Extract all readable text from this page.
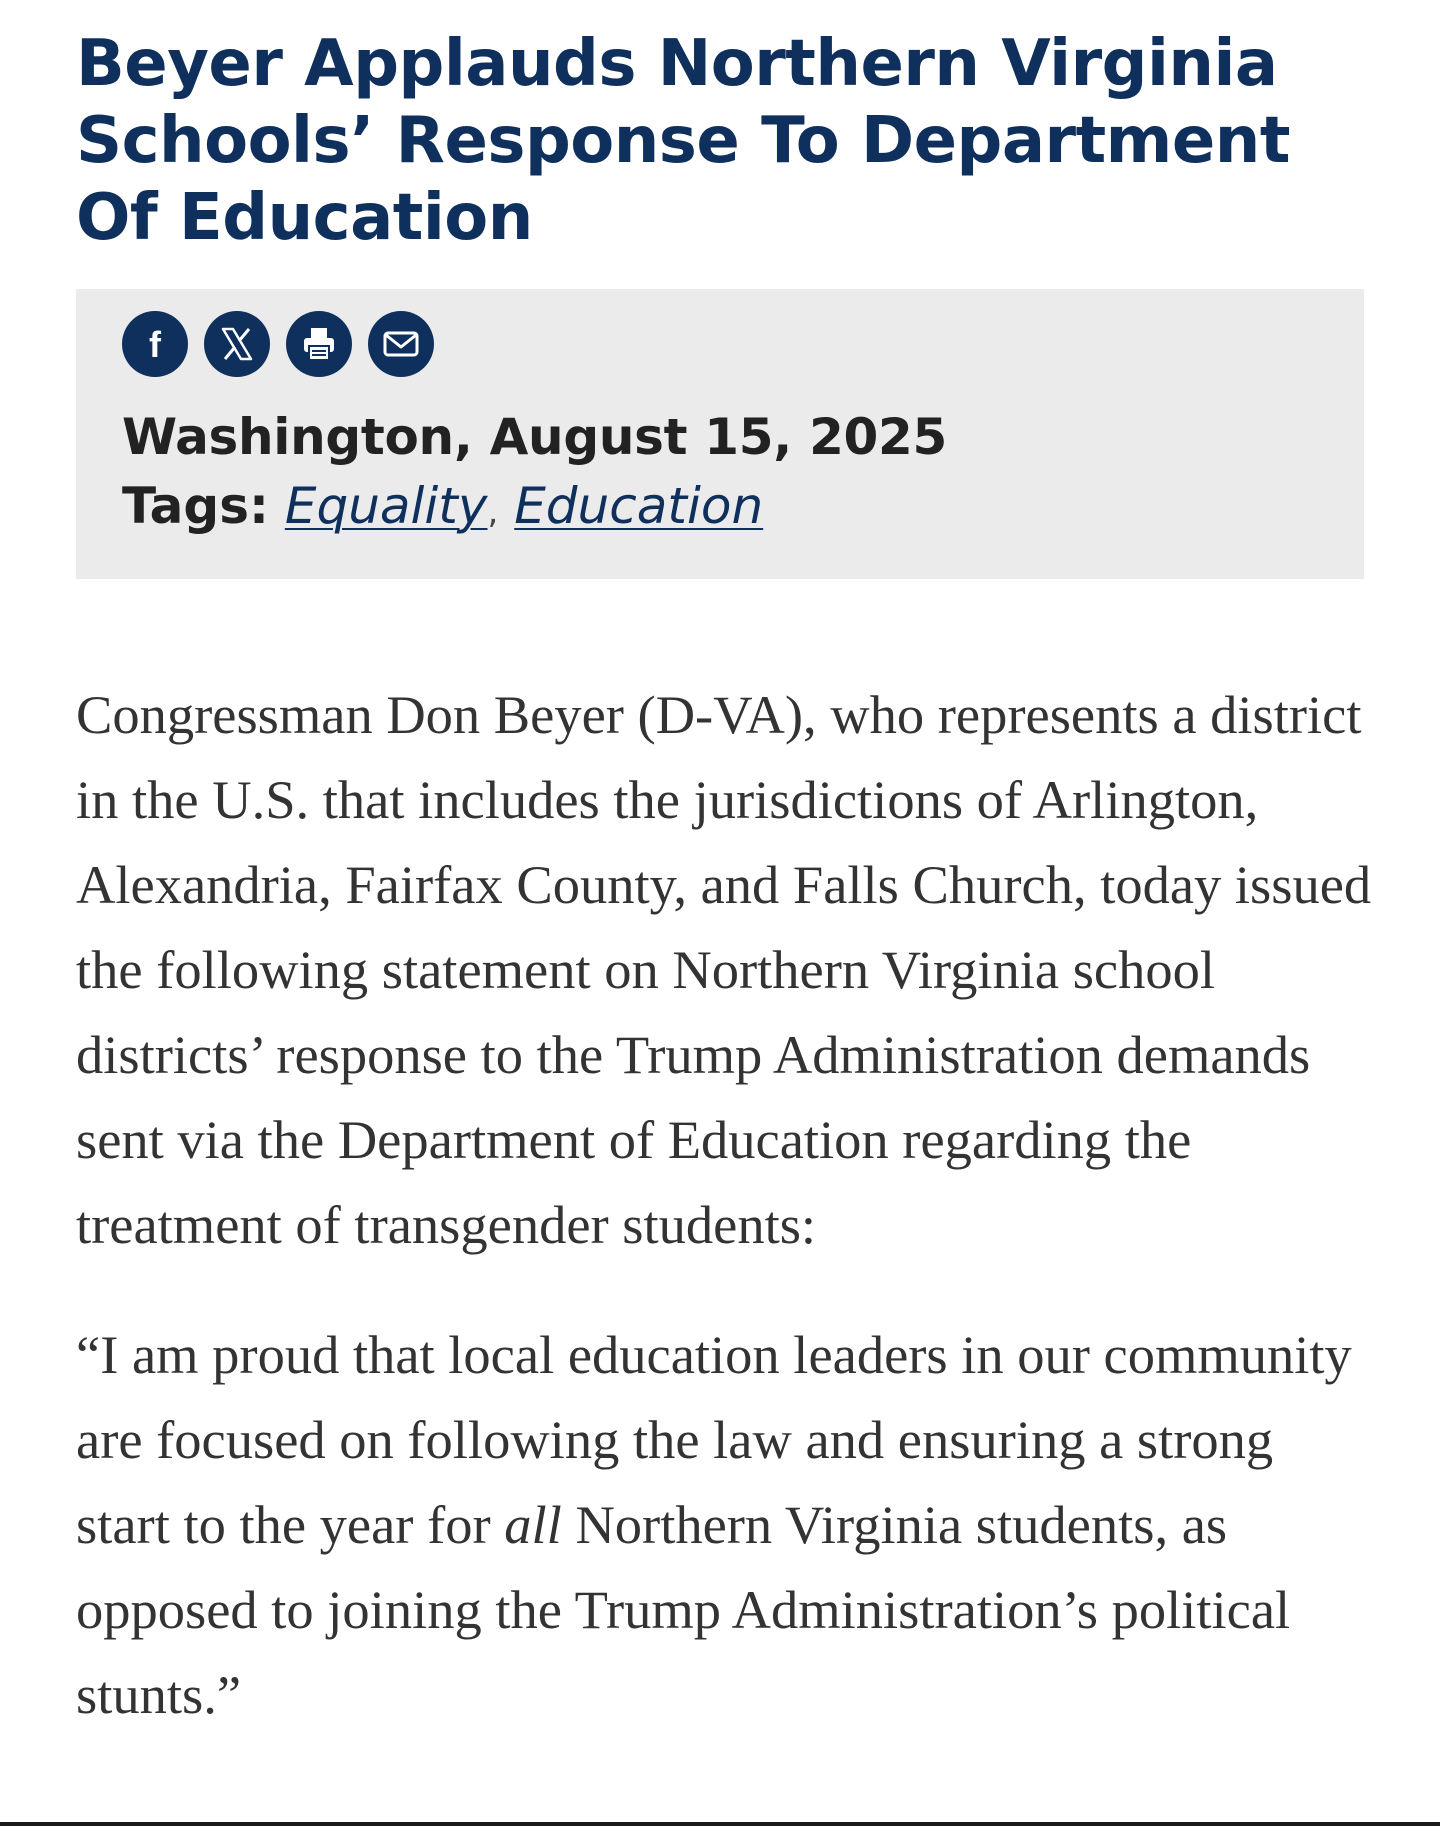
Beyer Applauds Northern Virginia Schools’ Response To Department Of Education
f

Washington, August 15, 2025

Tags: Equality, Education

Congressman Don Beyer (D-VA), who represents a district in the U.S. that includes the jurisdictions of Arlington, Alexandria, Fairfax County, and Falls Church, today issued the following statement on Northern Virginia school districts’ response to the Trump Administration demands sent via the Department of Education regarding the treatment of transgender students:

“I am proud that local education leaders in our community are focused on following the law and ensuring a strong start to the year for all Northern Virginia students, as opposed to joining the Trump Administration’s political stunts.”
